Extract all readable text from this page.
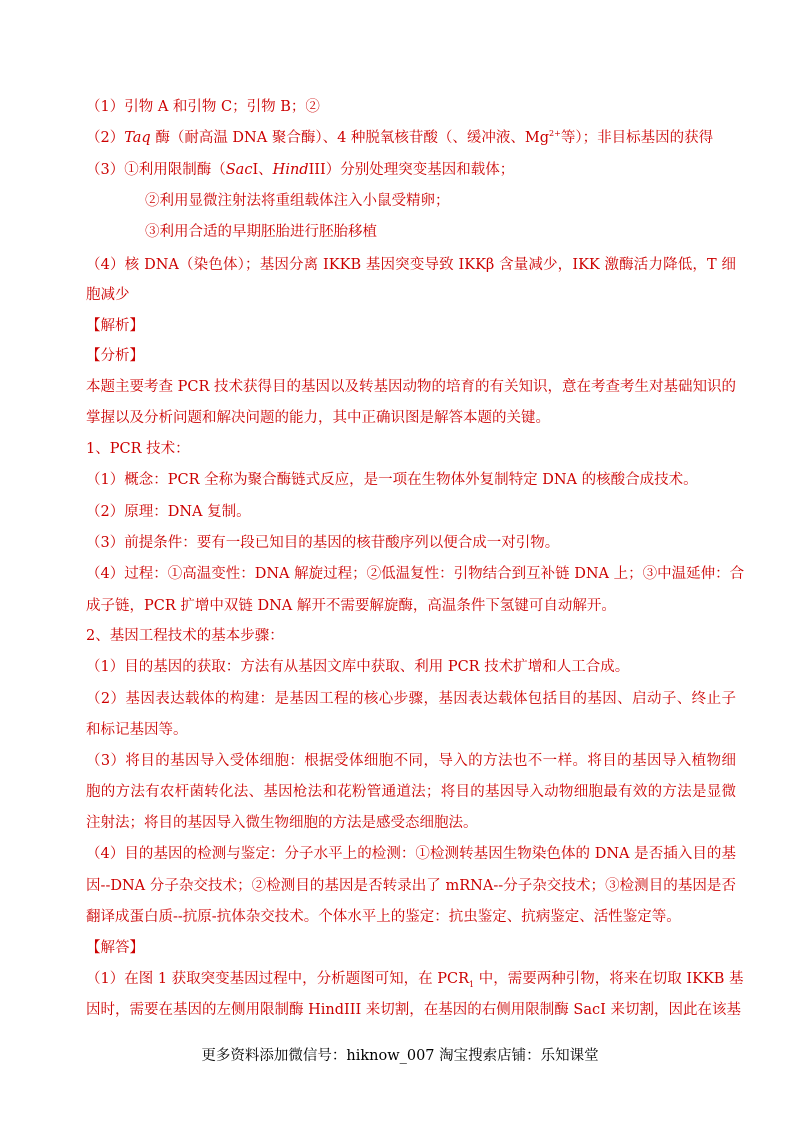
（1）引物 A 和引物 C；引物 B；②
（2）Taq 酶（耐高温 DNA 聚合酶）、4 种脱氧核苷酸（、缓冲液、$Mg^{2+}$等）；非目标基因的获得
（3）①利用限制酶（SacI、HindIII）分别处理突变基因和载体；
②利用显微注射法将重组载体注入小鼠受精卵；
③利用合适的早期胚胎进行胚胎移植
（4）核 DNA（染色体）；基因分离 IKKB 基因突变导致 IKKβ 含量减少，IKK 激酶活力降低，T 细
胞减少
【解析】
【分析】
本题主要考查 PCR 技术获得目的基因以及转基因动物的培育的有关知识，意在考查考生对基础知识的
掌握以及分析问题和解决问题的能力，其中正确识图是解答本题的关键。
1、PCR 技术：
（1）概念：PCR 全称为聚合酶链式反应，是一项在生物体外复制特定 DNA 的核酸合成技术。
（2）原理：DNA 复制。
（3）前提条件：要有一段已知目的基因的核苷酸序列以便合成一对引物。
（4）过程：①高温变性：DNA 解旋过程；②低温复性：引物结合到互补链 DNA 上；③中温延伸：合
成子链，PCR 扩增中双链 DNA 解开不需要解旋酶，高温条件下氢键可自动解开。
2、基因工程技术的基本步骤：
（1）目的基因的获取：方法有从基因文库中获取、利用 PCR 技术扩增和人工合成。
（2）基因表达载体的构建：是基因工程的核心步骤，基因表达载体包括目的基因、启动子、终止子
和标记基因等。
（3）将目的基因导入受体细胞：根据受体细胞不同，导入的方法也不一样。将目的基因导入植物细
胞的方法有农杆菌转化法、基因枪法和花粉管通道法；将目的基因导入动物细胞最有效的方法是显微
注射法；将目的基因导入微生物细胞的方法是感受态细胞法。
（4）目的基因的检测与鉴定：分子水平上的检测：①检测转基因生物染色体的 DNA 是否插入目的基
因--DNA 分子杂交技术；②检测目的基因是否转录出了 mRNA--分子杂交技术；③检测目的基因是否
翻译成蛋白质--抗原-抗体杂交技术。个体水平上的鉴定：抗虫鉴定、抗病鉴定、活性鉴定等。
【解答】
（1）在图 1 获取突变基因过程中，分析题图可知，在 $PCR_1$ 中，需要两种引物，将来在切取 IKKB 基
因时，需要在基因的左侧用限制酶 HindIII 来切割，在基因的右侧用限制酶 SacI 来切割，因此在该基
更多资料添加微信号：hiknow_007 淘宝搜索店铺：乐知课堂
